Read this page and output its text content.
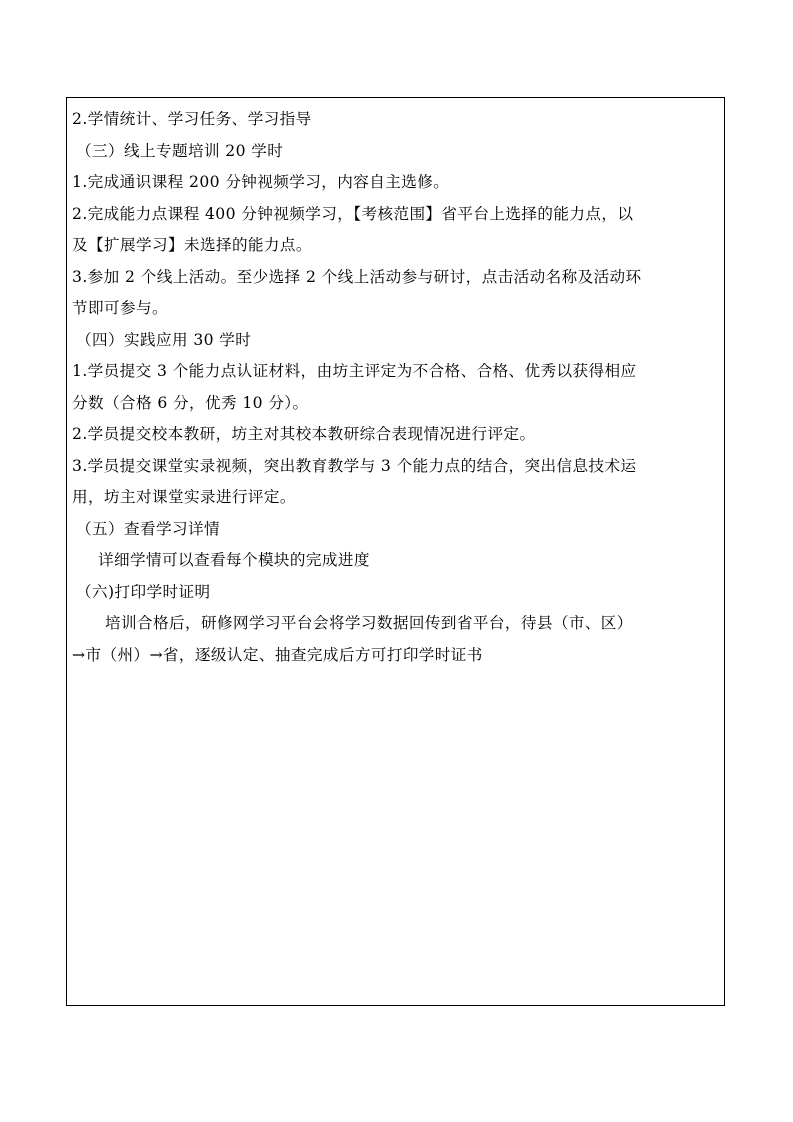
2.学情统计、学习任务、学习指导
（三）线上专题培训 20 学时
1.完成通识课程 200 分钟视频学习，内容自主选修。
2.完成能力点课程 400 分钟视频学习，【考核范围】省平台上选择的能力点，以
及【扩展学习】未选择的能力点。
3.参加 2 个线上活动。至少选择 2 个线上活动参与研讨，点击活动名称及活动环
节即可参与。
（四）实践应用 30 学时
1.学员提交 3 个能力点认证材料，由坊主评定为不合格、合格、优秀以获得相应
分数（合格 6 分，优秀 10 分）。
2.学员提交校本教研，坊主对其校本教研综合表现情况进行评定。
3.学员提交课堂实录视频，突出教育教学与 3 个能力点的结合，突出信息技术运
用，坊主对课堂实录进行评定。
（五）查看学习详情
详细学情可以查看每个模块的完成进度
（六)打印学时证明
培训合格后，研修网学习平台会将学习数据回传到省平台，待县（市、区）
→市（州）→省，逐级认定、抽查完成后方可打印学时证书
